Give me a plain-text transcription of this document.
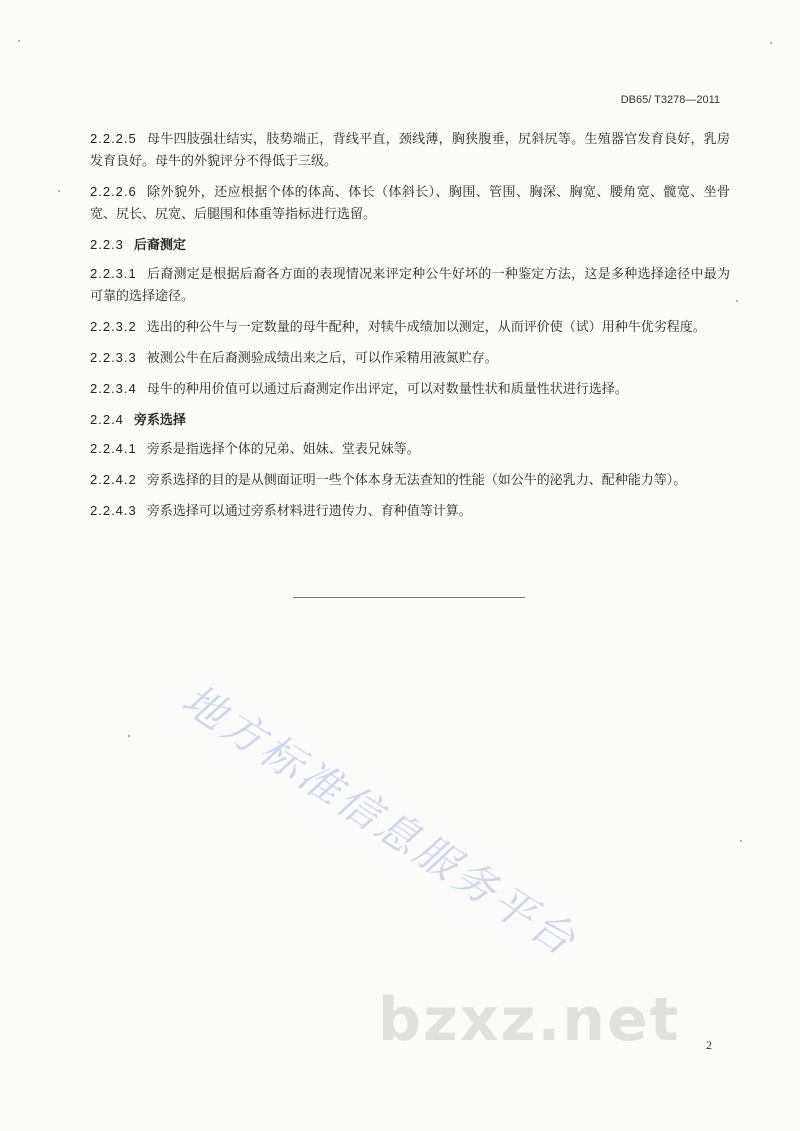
DB65/ T3278—2011
2.2.2.5 母牛四肢强壮结实，肢势端正，背线平直，颈线薄，胸狭腹垂，尻斜尻等。生殖器官发育良好，乳房发育良好。母牛的外貌评分不得低于三级。
2.2.2.6 除外貌外，还应根据个体的体高、体长（体斜长）、胸围、管围、胸深、胸宽、腰角宽、髋宽、坐骨宽、尻长、尻宽、后腿围和体重等指标进行选留。
2.2.3 后裔测定
2.2.3.1 后裔测定是根据后裔各方面的表现情况来评定种公牛好坏的一种鉴定方法，这是多种选择途径中最为可靠的选择途径。
2.2.3.2 选出的种公牛与一定数量的母牛配种，对犊牛成绩加以测定，从而评价使（试）用种牛优劣程度。
2.2.3.3 被测公牛在后裔测验成绩出来之后，可以作采精用液氮贮存。
2.2.3.4 母牛的种用价值可以通过后裔测定作出评定，可以对数量性状和质量性状进行选择。
2.2.4 旁系选择
2.2.4.1 旁系是指选择个体的兄弟、姐妹、堂表兄妹等。
2.2.4.2 旁系选择的目的是从侧面证明一些个体本身无法查知的性能（如公牛的泌乳力、配种能力等）。
2.2.4.3 旁系选择可以通过旁系材料进行遗传力、育种值等计算。
地方标准信息服务平台
bzxz.net 2
